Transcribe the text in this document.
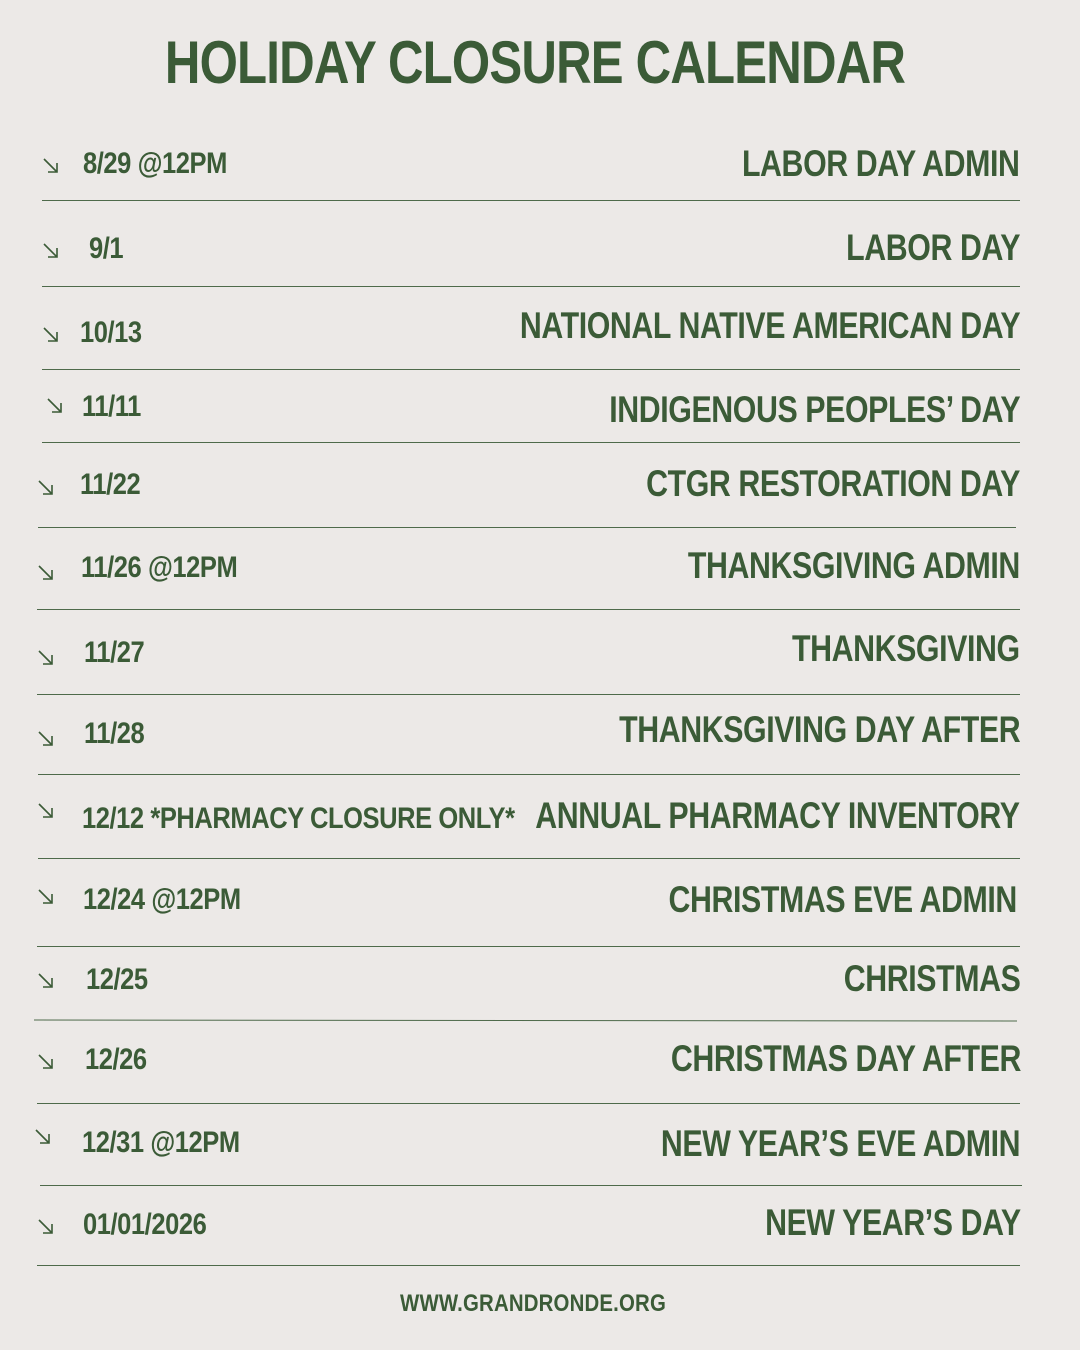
HOLIDAY CLOSURE CALENDAR
8/29 @12PM	LABOR DAY ADMIN
9/1	LABOR DAY
10/13	NATIONAL NATIVE AMERICAN DAY
11/11	INDIGENOUS PEOPLES’ DAY
11/22	CTGR RESTORATION DAY
11/26 @12PM	THANKSGIVING ADMIN
11/27	THANKSGIVING
11/28	THANKSGIVING DAY AFTER
12/12 *PHARMACY CLOSURE ONLY* ANNUAL PHARMACY INVENTORY
12/24 @12PM	CHRISTMAS EVE ADMIN
12/25	CHRISTMAS
12/26	CHRISTMAS DAY AFTER
12/31 @12PM	NEW YEAR’S EVE ADMIN
01/01/2026	NEW YEAR’S DAY
WWW.GRANDRONDE.ORG
